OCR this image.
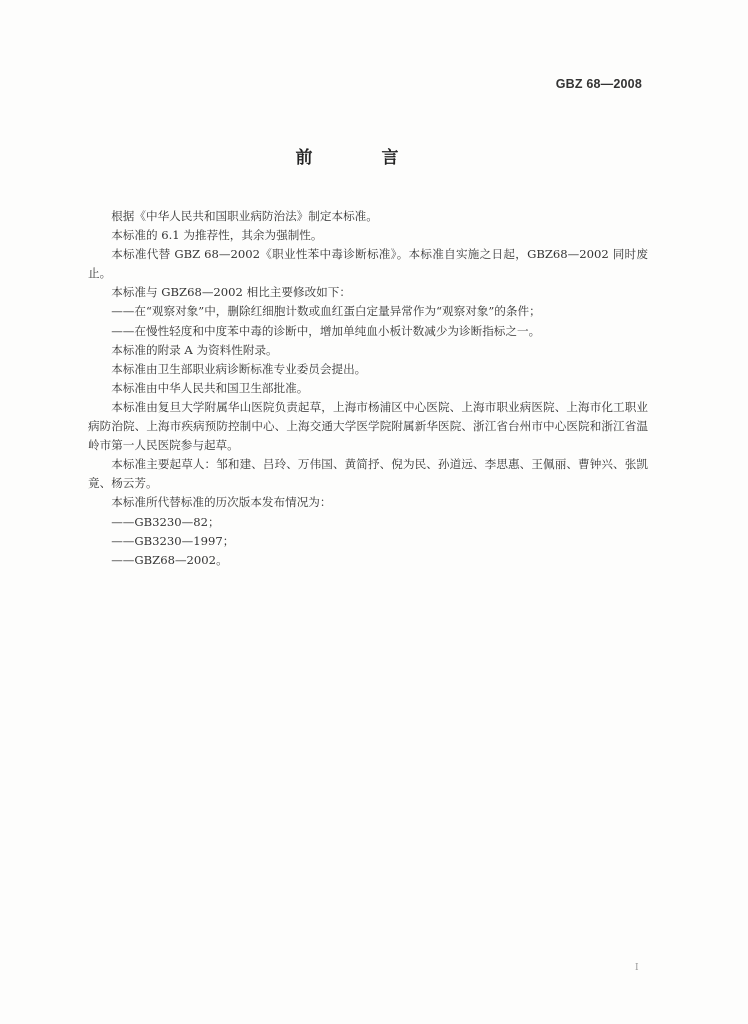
GBZ 68—2008
前　言

根据《中华人民共和国职业病防治法》制定本标准。

本标准的 6.1 为推荐性，其余为强制性。

本标准代替 GBZ 68—2002《职业性苯中毒诊断标准》。本标准自实施之日起，GBZ68—2002 同时废止。

本标准与 GBZ68—2002 相比主要修改如下：

——在“观察对象”中，删除红细胞计数或血红蛋白定量异常作为“观察对象”的条件；

——在慢性轻度和中度苯中毒的诊断中，增加单纯血小板计数减少为诊断指标之一。

本标准的附录 A 为资料性附录。

本标准由卫生部职业病诊断标准专业委员会提出。

本标准由中华人民共和国卫生部批准。

本标准由复旦大学附属华山医院负责起草，上海市杨浦区中心医院、上海市职业病医院、上海市化工职业病防治院、上海市疾病预防控制中心、上海交通大学医学院附属新华医院、浙江省台州市中心医院和浙江省温岭市第一人民医院参与起草。

本标准主要起草人：邹和建、吕玲、万伟国、黄简抒、倪为民、孙道远、李思惠、王佩丽、曹钟兴、张凯竟、杨云芳。

本标准所代替标准的历次版本发布情况为：

——GB3230—82；

——GB3230—1997；

——GBZ68—2002。

I
